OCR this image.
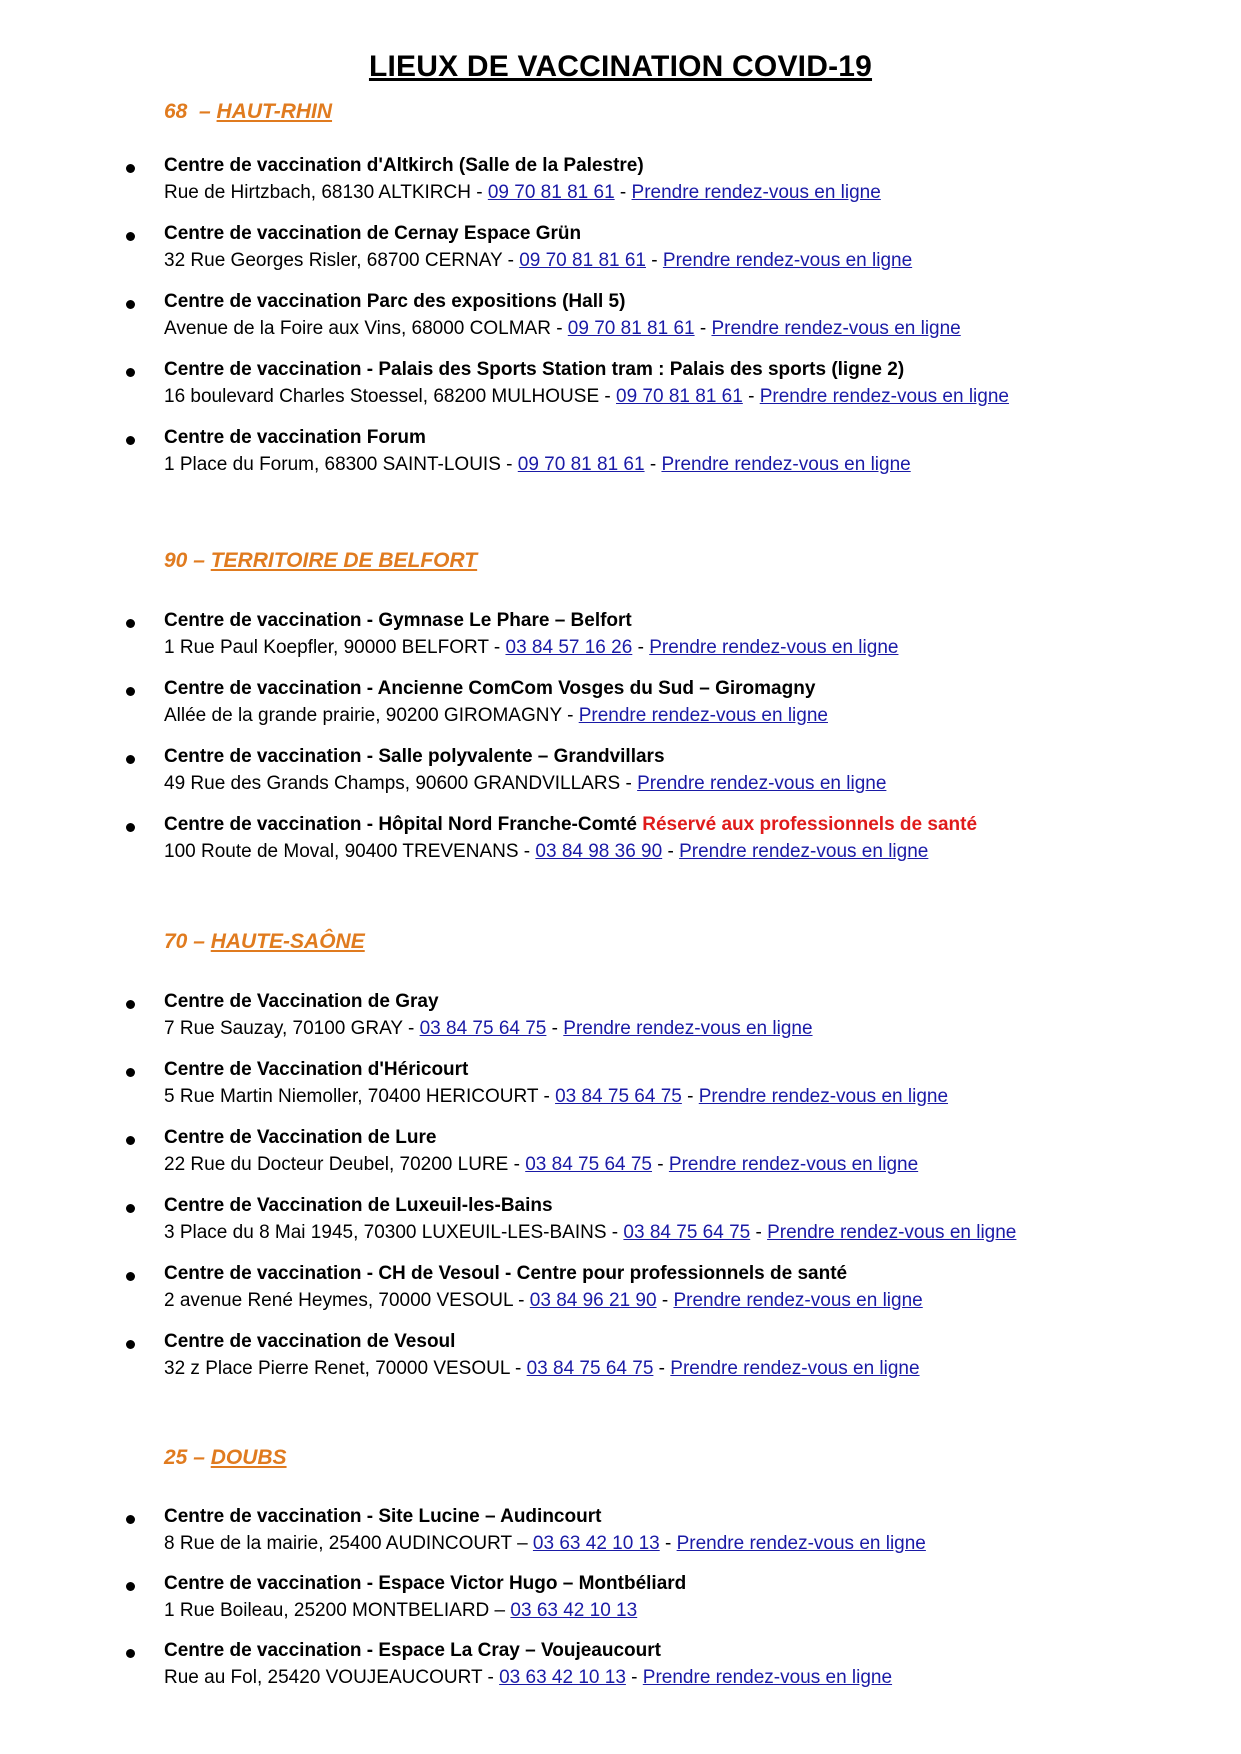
LIEUX DE VACCINATION COVID-19
68  – HAUT-RHIN
Centre de vaccination d'Altkirch (Salle de la Palestre)
Rue de Hirtzbach, 68130 ALTKIRCH - 09 70 81 81 61 - Prendre rendez-vous en ligne
Centre de vaccination de Cernay Espace Grün
32 Rue Georges Risler, 68700 CERNAY - 09 70 81 81 61 - Prendre rendez-vous en ligne
Centre de vaccination Parc des expositions (Hall 5)
Avenue de la Foire aux Vins, 68000 COLMAR - 09 70 81 81 61 - Prendre rendez-vous en ligne
Centre de vaccination - Palais des Sports Station tram : Palais des sports (ligne 2)
16 boulevard Charles Stoessel, 68200 MULHOUSE - 09 70 81 81 61 - Prendre rendez-vous en ligne
Centre de vaccination Forum
1 Place du Forum, 68300 SAINT-LOUIS - 09 70 81 81 61 - Prendre rendez-vous en ligne
90 – TERRITOIRE DE BELFORT
Centre de vaccination - Gymnase Le Phare – Belfort
1 Rue Paul Koepfler, 90000 BELFORT - 03 84 57 16 26 - Prendre rendez-vous en ligne
Centre de vaccination - Ancienne ComCom Vosges du Sud – Giromagny
Allée de la grande prairie, 90200 GIROMAGNY - Prendre rendez-vous en ligne
Centre de vaccination - Salle polyvalente – Grandvillars
49 Rue des Grands Champs, 90600 GRANDVILLARS - Prendre rendez-vous en ligne
Centre de vaccination - Hôpital Nord Franche-Comté Réservé aux professionnels de santé
100 Route de Moval, 90400 TREVENANS - 03 84 98 36 90 - Prendre rendez-vous en ligne
70 – HAUTE-SAÔNE
Centre de Vaccination de Gray
7 Rue Sauzay, 70100 GRAY - 03 84 75 64 75 - Prendre rendez-vous en ligne
Centre de Vaccination d'Héricourt
5 Rue Martin Niemoller, 70400 HERICOURT - 03 84 75 64 75 - Prendre rendez-vous en ligne
Centre de Vaccination de Lure
22 Rue du Docteur Deubel, 70200 LURE - 03 84 75 64 75 - Prendre rendez-vous en ligne
Centre de Vaccination de Luxeuil-les-Bains
3 Place du 8 Mai 1945, 70300 LUXEUIL-LES-BAINS - 03 84 75 64 75 - Prendre rendez-vous en ligne
Centre de vaccination - CH de Vesoul - Centre pour professionnels de santé
2 avenue René Heymes, 70000 VESOUL - 03 84 96 21 90 - Prendre rendez-vous en ligne
Centre de vaccination de Vesoul
32 z Place Pierre Renet, 70000 VESOUL - 03 84 75 64 75 - Prendre rendez-vous en ligne
25 – DOUBS
Centre de vaccination - Site Lucine – Audincourt
8 Rue de la mairie, 25400 AUDINCOURT – 03 63 42 10 13 - Prendre rendez-vous en ligne
Centre de vaccination - Espace Victor Hugo – Montbéliard
1 Rue Boileau, 25200 MONTBELIARD – 03 63 42 10 13
Centre de vaccination - Espace La Cray – Voujeaucourt
Rue au Fol, 25420 VOUJEAUCOURT - 03 63 42 10 13 - Prendre rendez-vous en ligne
